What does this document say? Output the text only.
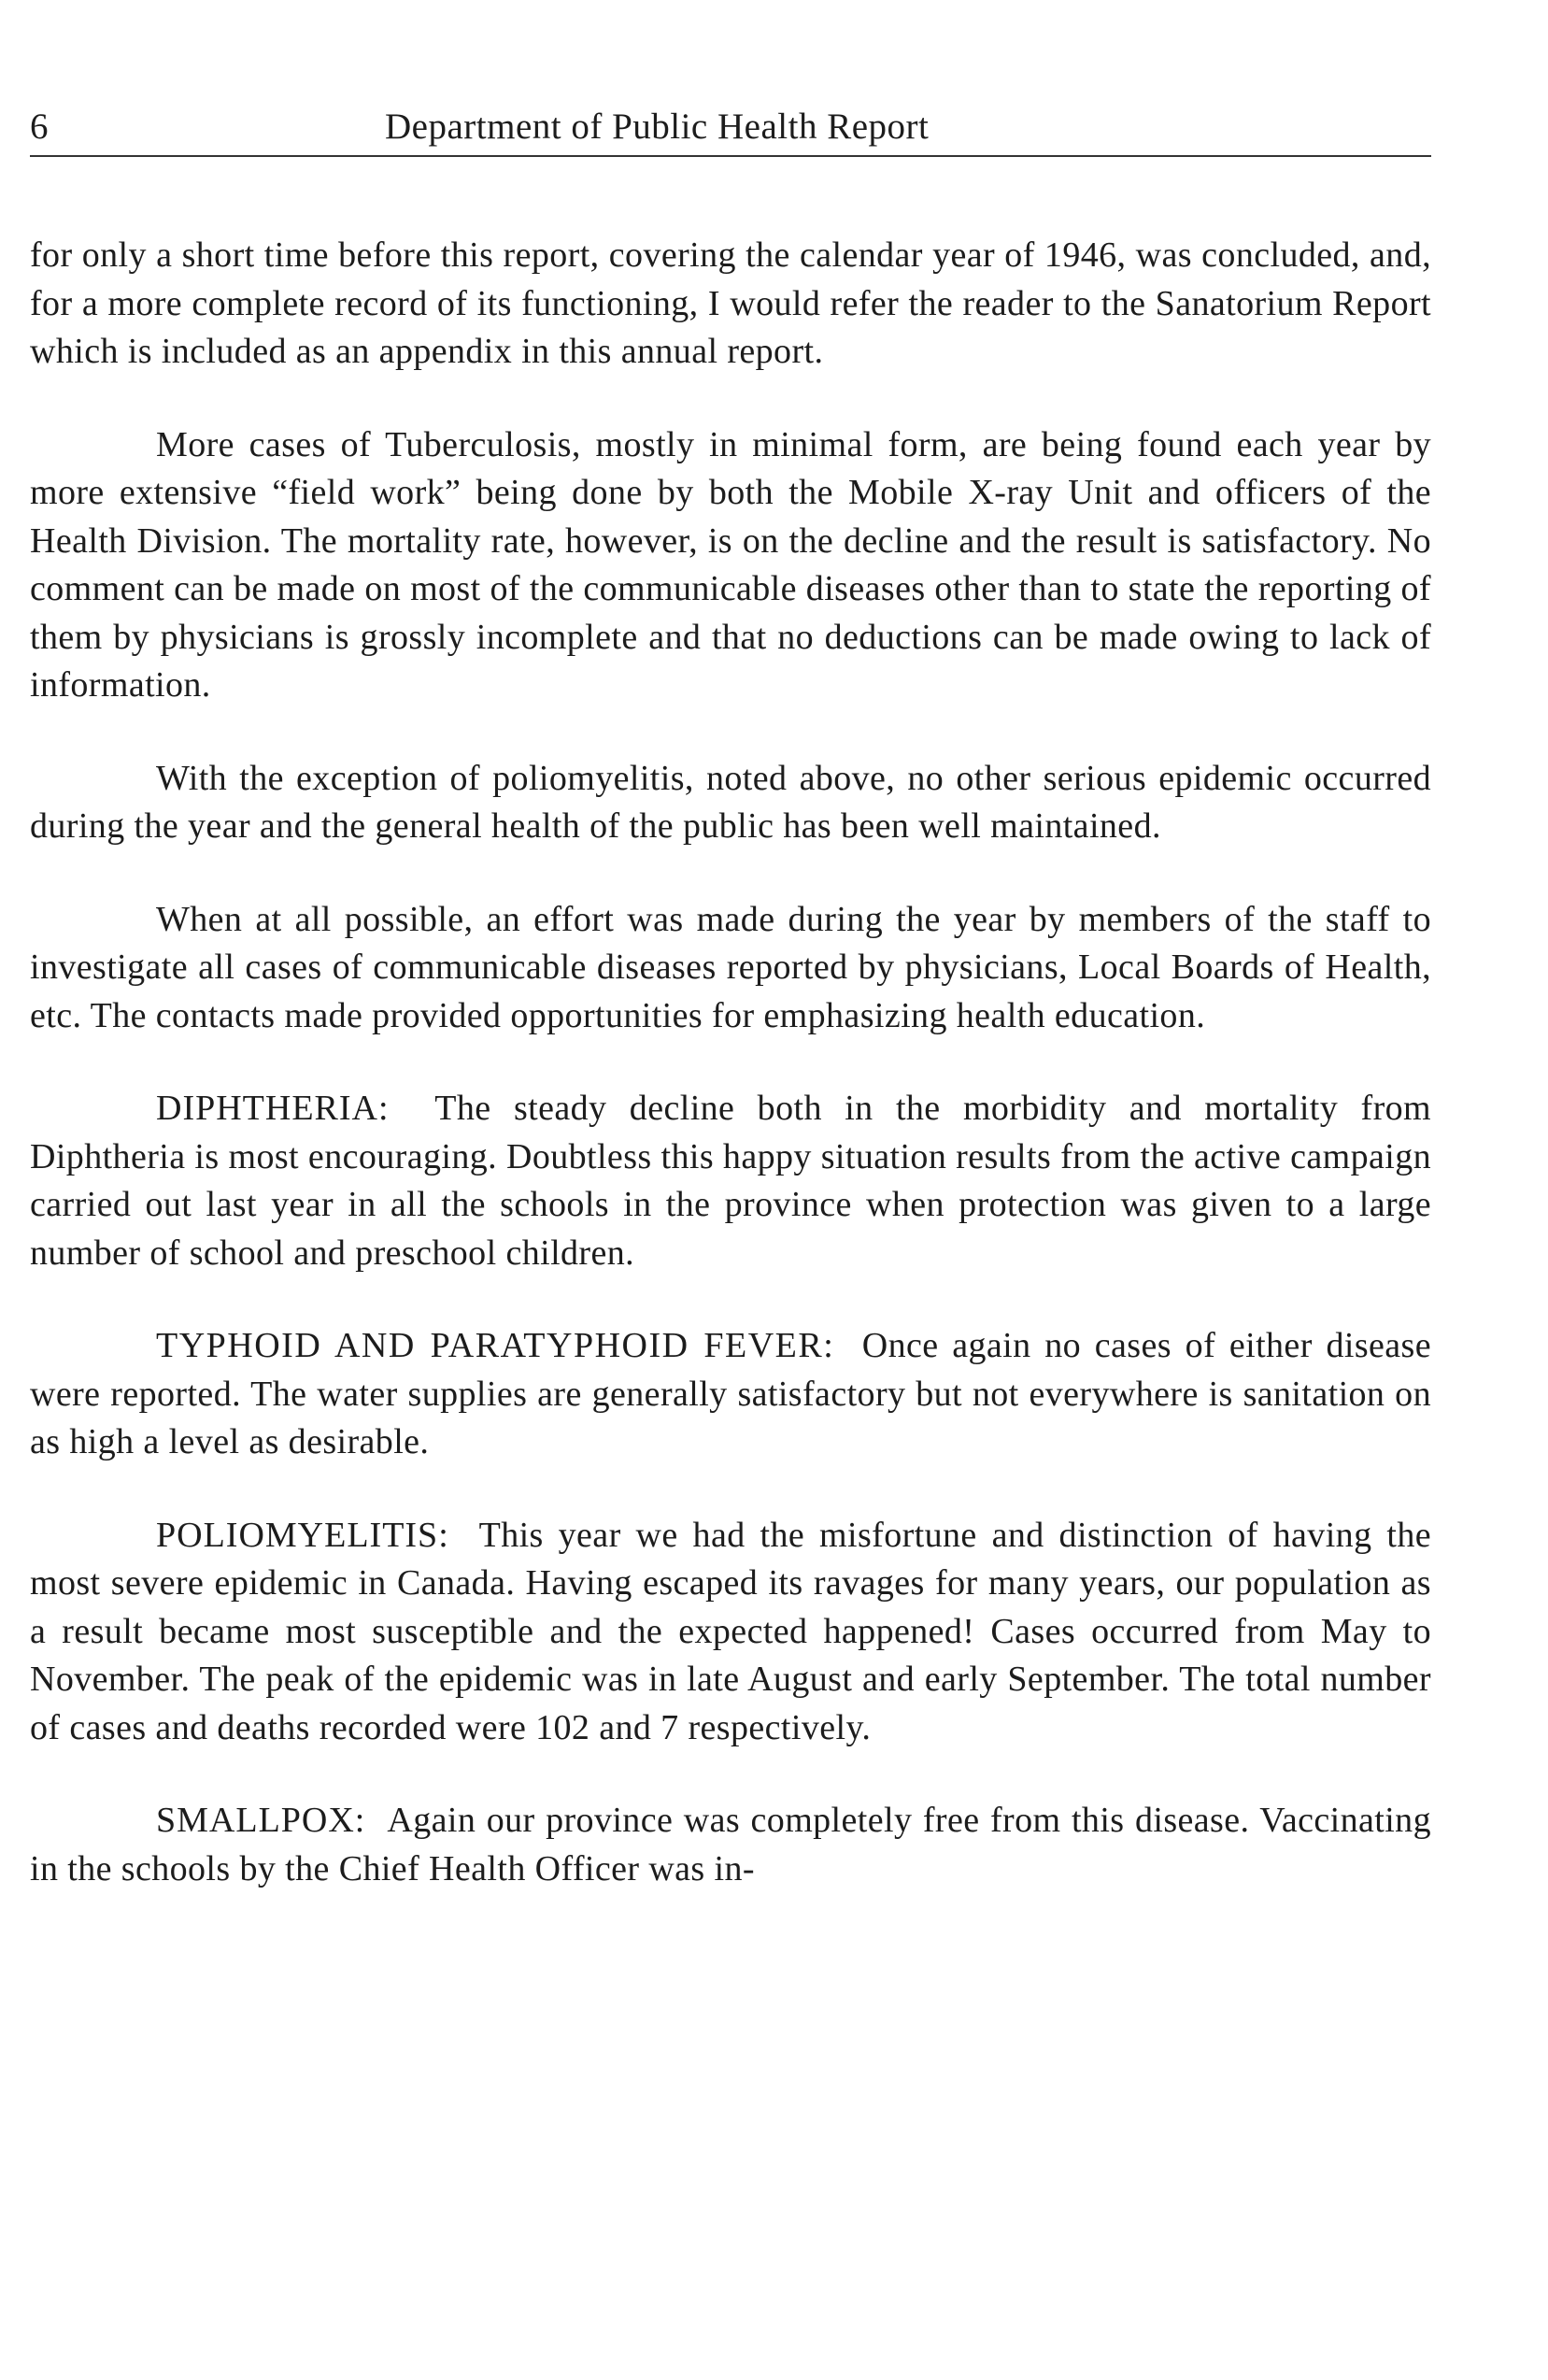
6	Department of Public Health Report

for only a short time before this report, covering the calendar year of 1946, was concluded, and, for a more complete record of its functioning, I would refer the reader to the Sanatorium Report which is included as an appendix in this annual report.

More cases of Tuberculosis, mostly in minimal form, are being found each year by more extensive “field work” being done by both the Mobile X-ray Unit and officers of the Health Division. The mortality rate, however, is on the decline and the result is satisfactory. No comment can be made on most of the communicable diseases other than to state the reporting of them by physicians is grossly incomplete and that no deductions can be made owing to lack of information.

With the exception of poliomyelitis, noted above, no other serious epidemic occurred during the year and the general health of the public has been well maintained.

When at all possible, an effort was made during the year by members of the staff to investigate all cases of communicable diseases reported by physicians, Local Boards of Health, etc. The contacts made provided opportunities for emphasizing health education.

DIPHTHERIA: The steady decline both in the morbidity and mortality from Diphtheria is most encouraging. Doubtless this happy situation results from the active campaign carried out last year in all the schools in the province when protection was given to a large number of school and preschool children.

TYPHOID AND PARATYPHOID FEVER: Once again no cases of either disease were reported. The water supplies are generally satisfactory but not everywhere is sanitation on as high a level as desirable.

POLIOMYELITIS: This year we had the misfortune and distinction of having the most severe epidemic in Canada. Having escaped its ravages for many years, our population as a result became most susceptible and the expected happened! Cases occurred from May to November. The peak of the epidemic was in late August and early September. The total number of cases and deaths recorded were 102 and 7 respectively.

SMALLPOX: Again our province was completely free from this disease. Vaccinating in the schools by the Chief Health Officer was in-
